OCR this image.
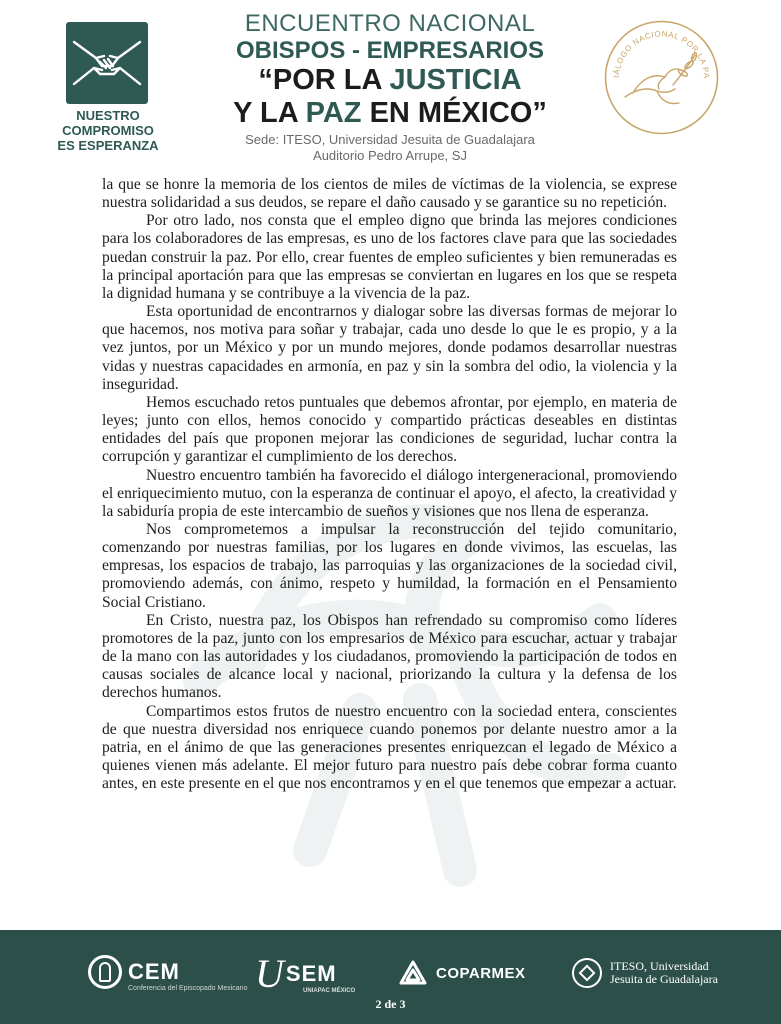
NUESTRO
COMPROMISO
ES ESPERANZA
ENCUENTRO NACIONAL
OBISPOS - EMPRESARIOS
“POR LA JUSTICIA
Y LA PAZ EN MÉXICO”
Sede: ITESO, Universidad Jesuita de Guadalajara
Auditorio Pedro Arrupe, SJ
IÁLOGO NACIONAL POR LA PA

la que se honre la memoria de los cientos de miles de víctimas de la violencia, se exprese nuestra solidaridad a sus deudos, se repare el daño causado y se garantice su no repetición.

Por otro lado, nos consta que el empleo digno que brinda las mejores condiciones para los colaboradores de las empresas, es uno de los factores clave para que las sociedades puedan construir la paz. Por ello, crear fuentes de empleo suficientes y bien remuneradas es la principal aportación para que las empresas se conviertan en lugares en los que se respeta la dignidad humana y se contribuye a la vivencia de la paz.

Esta oportunidad de encontrarnos y dialogar sobre las diversas formas de mejorar lo que hacemos, nos motiva para soñar y trabajar, cada uno desde lo que le es propio, y a la vez juntos, por un México y por un mundo mejores, donde podamos desarrollar nuestras vidas y nuestras capacidades en armonía, en paz y sin la sombra del odio, la violencia y la inseguridad.

Hemos escuchado retos puntuales que debemos afrontar, por ejemplo, en materia de leyes; junto con ellos, hemos conocido y compartido prácticas deseables en distintas entidades del país que proponen mejorar las condiciones de seguridad, luchar contra la corrupción y garantizar el cumplimiento de los derechos.

Nuestro encuentro también ha favorecido el diálogo intergeneracional, promoviendo el enriquecimiento mutuo, con la esperanza de continuar el apoyo, el afecto, la creatividad y la sabiduría propia de este intercambio de sueños y visiones que nos llena de esperanza.

Nos comprometemos a impulsar la reconstrucción del tejido comunitario, comenzando por nuestras familias, por los lugares en donde vivimos, las escuelas, las empresas, los espacios de trabajo, las parroquias y las organizaciones de la sociedad civil, promoviendo además, con ánimo, respeto y humildad, la formación en el Pensamiento Social Cristiano.

En Cristo, nuestra paz, los Obispos han refrendado su compromiso como líderes promotores de la paz, junto con los empresarios de México para escuchar, actuar y trabajar de la mano con las autoridades y los ciudadanos, promoviendo la participación de todos en causas sociales de alcance local y nacional, priorizando la cultura y la defensa de los derechos humanos.

Compartimos estos frutos de nuestro encuentro con la sociedad entera, conscientes de que nuestra diversidad nos enriquece cuando ponemos por delante nuestro amor a la patria, en el ánimo de que las generaciones presentes enriquezcan el legado de México a quienes vienen más adelante. El mejor futuro para nuestro país debe cobrar forma cuanto antes, en este presente en el que nos encontramos y en el que tenemos que empezar a actuar.

CEM
Conferencia del Episcopado Mexicano U SEM
UNIAPAC MÉXICO
COPARMEX	ITESO, Universidad
Jesuita de Guadalajara
2 de 3
